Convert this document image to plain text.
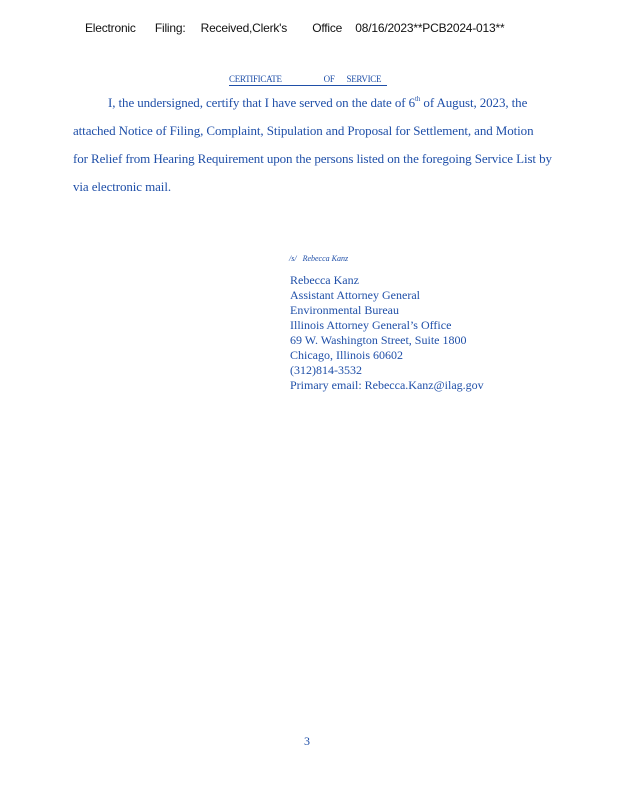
Electronic Filing: Received,Clerk's Office 08/16/2023**PCB2024-013**
CERTIFICATE	OF SERVICE
I, the undersigned, certify that I have served on the date of 6th of August, 2023, the
attached Notice of Filing, Complaint, Stipulation and Proposal for Settlement, and Motion
for Relief from Hearing Requirement upon the persons listed on the foregoing Service List by
via electronic mail.
/s/ Rebecca Kanz
Rebecca Kanz
Assistant Attorney General
Environmental Bureau
Illinois Attorney General’s Office
69 W. Washington Street, Suite 1800
Chicago, Illinois 60602
(312)814-3532
Primary email: Rebecca.Kanz@ilag.gov
3
